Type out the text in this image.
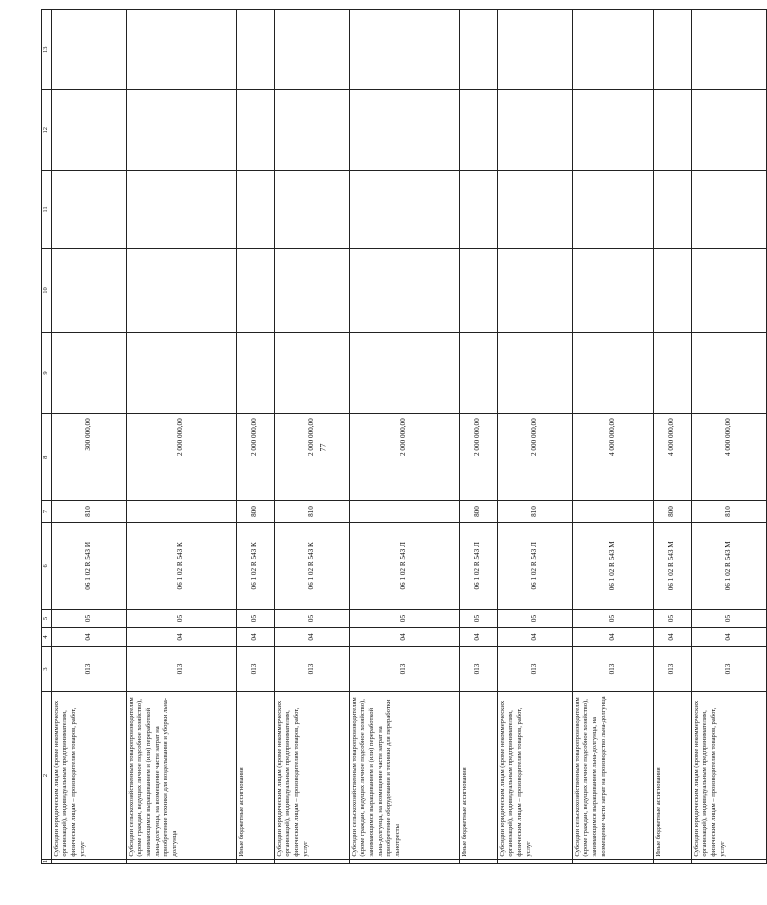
77
1	2	3	4	5	6	7	8	9	10	11	12	13
	Субсидии юридическим лицам (кроме некоммерческих организаций), индивидуальным предпринимателям, физическим лицам – производителям товаров, работ, услуг	013	04	05	06 1 02 R 543 И	810	300 000,00					
	Субсидии сельскохозяйственным товаропроизводителям (кроме граждан, ведущих личное подсобное хозяйство), занимающимся выращиванием и (или) переработкой льна-долгунца, на возмещение части затрат на приобретение техники для возделывания и уборки льна-долгунца	013	04	05	06 1 02 R 543 К		2 000 000,00					
	Иные бюджетные ассигнования	013	04	05	06 1 02 R 543 К	800	2 000 000,00					
	Субсидии юридическим лицам (кроме некоммерческих организаций), индивидуальным предпринимателям, физическим лицам – производителям товаров, работ, услуг	013	04	05	06 1 02 R 543 К	810	2 000 000,00					
	Субсидии сельскохозяйственным товаропроизводителям (кроме граждан, ведущих личное подсобное хозяйство), занимающимся выращиванием и (или) переработкой льна-долгунца, на возмещение части затрат на приобретение оборудования и техники для переработки льнотресты	013	04	05	06 1 02 R 543 Л		2 000 000,00					
	Иные бюджетные ассигнования	013	04	05	06 1 02 R 543 Л	800	2 000 000,00					
	Субсидии юридическим лицам (кроме некоммерческих организаций), индивидуальным предпринимателям, физическим лицам – производителям товаров, работ, услуг	013	04	05	06 1 02 R 543 Л	810	2 000 000,00					
	Субсидии сельскохозяйственным товаропроизводителям (кроме граждан, ведущих личное подсобное хозяйство), занимающимся выращиванием льна-долгунца, на возмещение части затрат на производство льна-долгунца	013	04	05	06 1 02 R 543 М		4 000 000,00					
	Иные бюджетные ассигнования	013	04	05	06 1 02 R 543 М	800	4 000 000,00					
	Субсидии юридическим лицам (кроме некоммерческих организаций), индивидуальным предпринимателям, физическим лицам – производителям товаров, работ, услуг	013	04	05	06 1 02 R 543 М	810	4 000 000,00					
